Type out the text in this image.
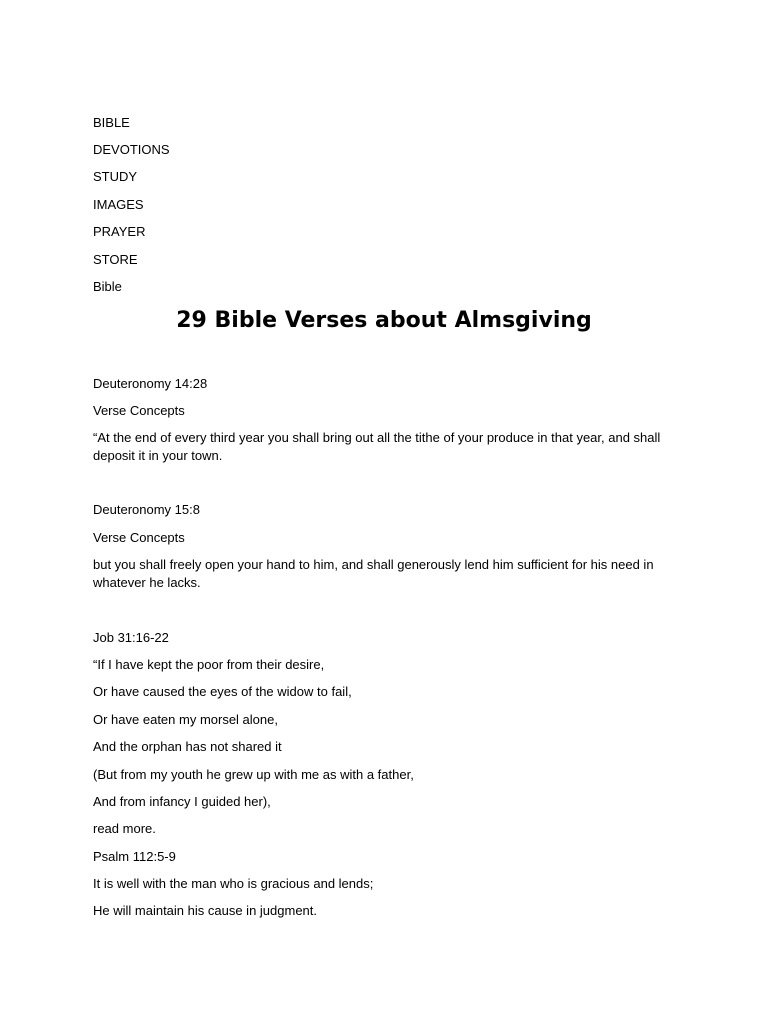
BIBLE
DEVOTIONS
STUDY
IMAGES
PRAYER
STORE
Bible
29 Bible Verses about Almsgiving
Deuteronomy 14:28
Verse Concepts
“At the end of every third year you shall bring out all the tithe of your produce in that year, and shall deposit it in your town.
Deuteronomy 15:8
Verse Concepts
but you shall freely open your hand to him, and shall generously lend him sufficient for his need in whatever he lacks.
Job 31:16-22
“If I have kept the poor from their desire,
Or have caused the eyes of the widow to fail,
Or have eaten my morsel alone,
And the orphan has not shared it
(But from my youth he grew up with me as with a father,
And from infancy I guided her),
read more.
Psalm 112:5-9
It is well with the man who is gracious and lends;
He will maintain his cause in judgment.
